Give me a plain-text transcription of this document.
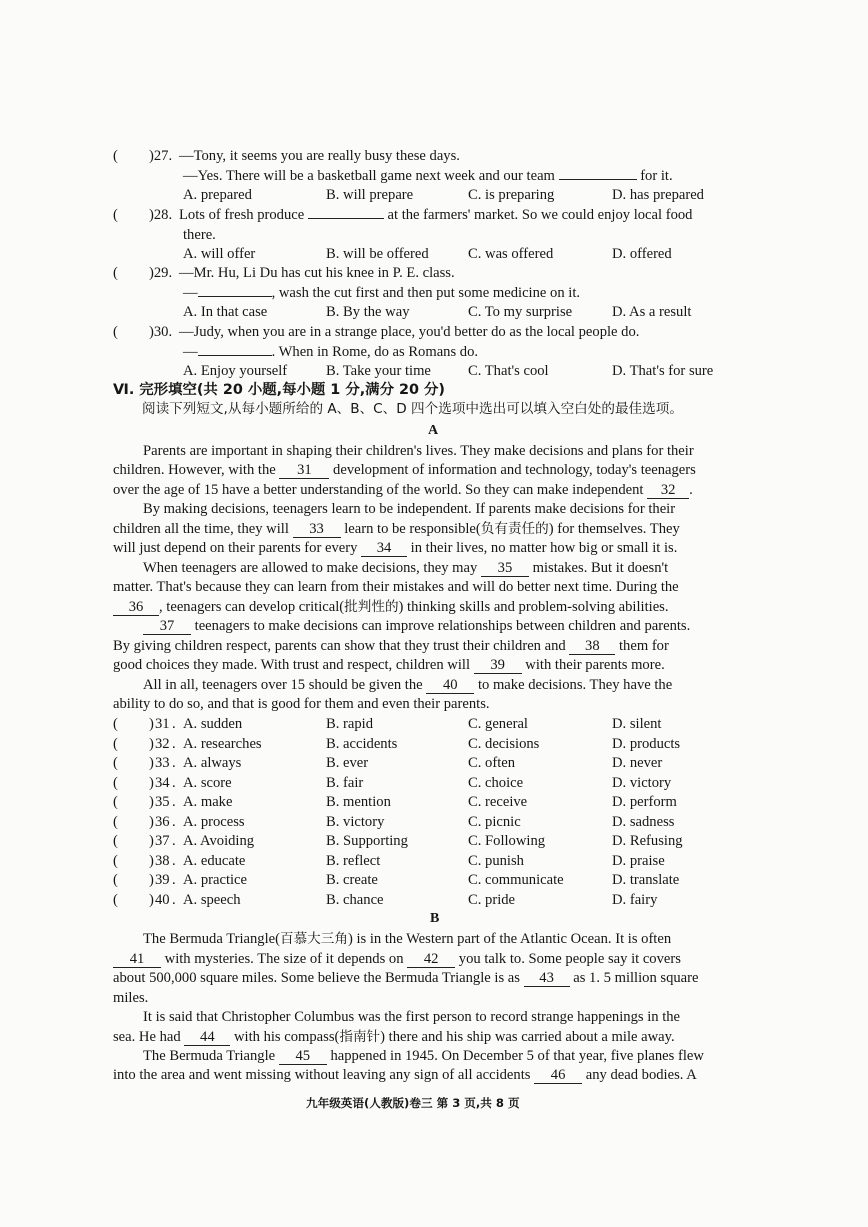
( )27. —Tony, it seems you are really busy these days.
—Yes. There will be a basketball game next week and our team	for it.
A. prepared	B. will prepare	C. is preparing	D. has prepared
( )28. Lots of fresh produce	at the farmers' market. So we could enjoy local food
there.
A. will offer	B. will be offered	C. was offered	D. offered
( )29. —Mr. Hu, Li Du has cut his knee in P. E. class.
—	, wash the cut first and then put some medicine on it.
A. In that case	B. By the way	C. To my surprise	D. As a result
( )30. —Judy, when you are in a strange place, you'd better do as the local people do.
—	. When in Rome, do as Romans do.
A. Enjoy yourself	B. Take your time	C. That's cool	D. That's for sure
Ⅵ. 完形填空(共 20 小题,每小题 1 分,满分 20 分)
阅读下列短文,从每小题所给的 A、B、C、D 四个选项中选出可以填入空白处的最佳选项。
A
Parents are important in shaping their children's lives. They make decisions and plans for their
children. However, with the 31 development of information and technology, today's teenagers
over the age of 15 have a better understanding of the world. So they can make independent 32 .
By making decisions, teenagers learn to be independent. If parents make decisions for their
children all the time, they will 33 learn to be responsible(负有责任的) for themselves. They
will just depend on their parents for every 34 in their lives, no matter how big or small it is.
When teenagers are allowed to make decisions, they may 35 mistakes. But it doesn't
matter. That's because they can learn from their mistakes and will do better next time. During the
36 , teenagers can develop critical(批判性的) thinking skills and problem-solving abilities.
37 teenagers to make decisions can improve relationships between children and parents.
By giving children respect, parents can show that they trust their children and 38 them for
good choices they made. With trust and respect, children will 39 with their parents more.
All in all, teenagers over 15 should be given the 40 to make decisions. They have the
ability to do so, and that is good for them and even their parents.
( ) 31 . A. sudden	B. rapid	C. general	D. silent
( ) 32 . A. researches	B. accidents	C. decisions	D. products
( ) 33 . A. always	B. ever	C. often	D. never
( ) 34 . A. score	B. fair	C. choice	D. victory
( ) 35 . A. make	B. mention	C. receive	D. perform
( ) 36 . A. process	B. victory	C. picnic	D. sadness
( ) 37 . A. Avoiding	B. Supporting	C. Following	D. Refusing
( ) 38 . A. educate	B. reflect	C. punish	D. praise
( ) 39 . A. practice	B. create	C. communicate	D. translate
( ) 40 . A. speech	B. chance	C. pride	D. fairy
B
The Bermuda Triangle(百慕大三角) is in the Western part of the Atlantic Ocean. It is often
41 with mysteries. The size of it depends on 42 you talk to. Some people say it covers
about 500,000 square miles. Some believe the Bermuda Triangle is as 43 as 1. 5 million square
miles.
It is said that Christopher Columbus was the first person to record strange happenings in the
sea. He had 44 with his compass(指南针) there and his ship was carried about a mile away.
The Bermuda Triangle 45 happened in 1945. On December 5 of that year, five planes flew
into the area and went missing without leaving any sign of all accidents 46 any dead bodies. A
九年级英语(人教版)卷三 第 3 页,共 8 页
